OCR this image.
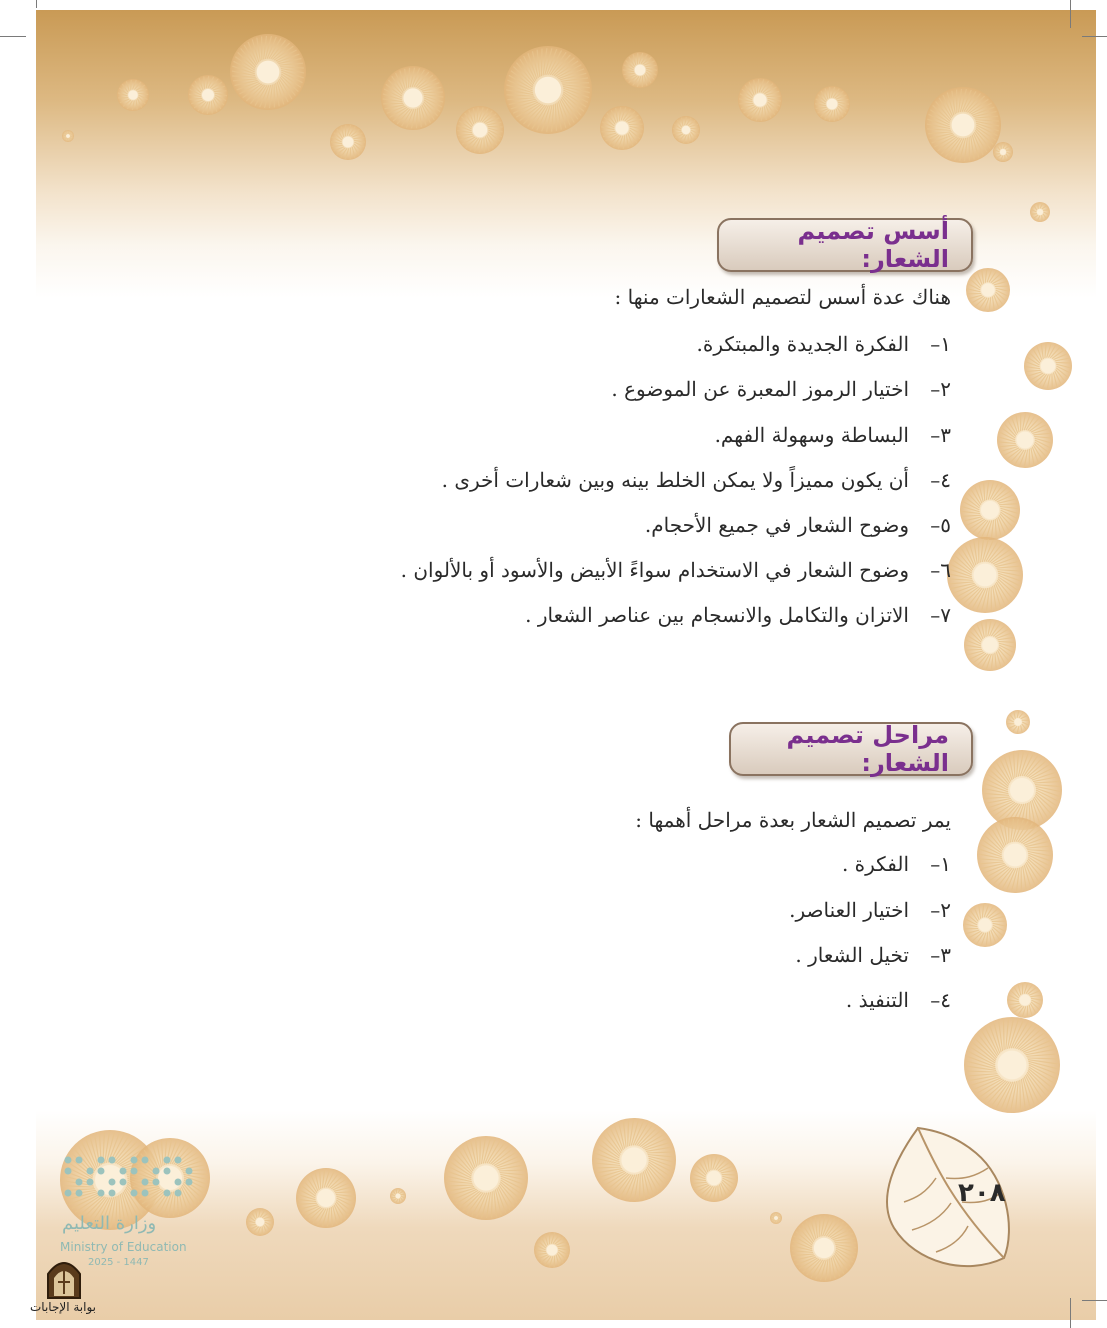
أسس تصميم الشعار:
هناك عدة أسس لتصميم الشعارات منها :
١–الفكرة الجديدة والمبتكرة.
٢–اختيار الرموز المعبرة عن الموضوع .
٣–البساطة وسهولة الفهم.
٤–أن يكون مميزاً ولا يمكن الخلط بينه وبين شعارات أخرى .
٥–وضوح الشعار في جميع الأحجام.
٦–وضوح الشعار في الاستخدام سواءً الأبيض والأسود أو بالألوان .
٧–الاتزان والتكامل والانسجام بين عناصر الشعار .
مراحل تصميم الشعار:
يمر تصميم الشعار بعدة مراحل أهمها :
١–الفكرة .
٢–اختيار العناصر.
٣–تخيل الشعار .
٤–التنفيذ .
٢٠٨
وزارة التعليم
Ministry of Education
2025 - 1447
بوابة الإجابات
